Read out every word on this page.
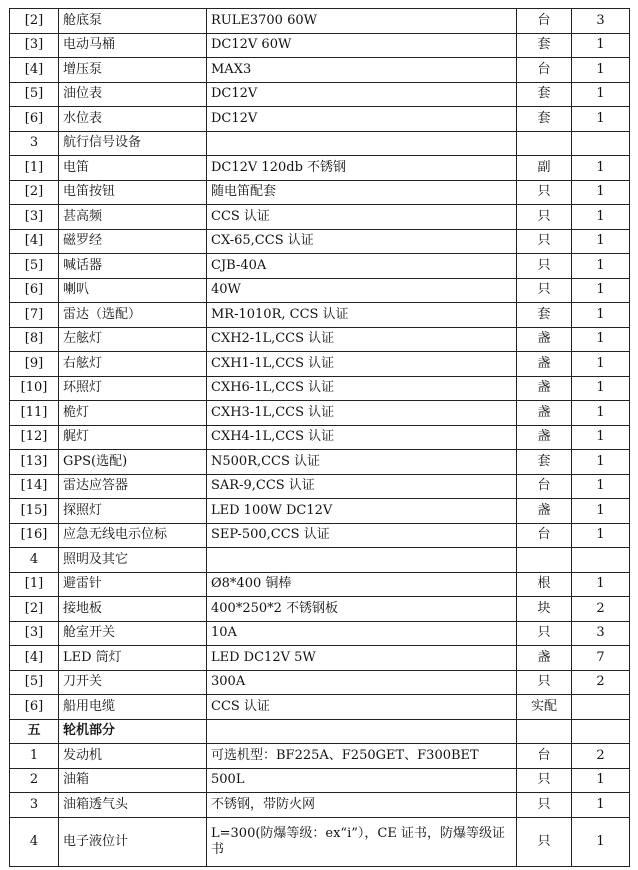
[2]	舱底泵	RULE3700 60W	台	3
[3]	电动马桶	DC12V 60W	套	1
[4]	增压泵	MAX3	台	1
[5]	油位表	DC12V	套	1
[6]	水位表	DC12V	套	1
3	航行信号设备			
[1]	电笛	DC12V 120db 不锈钢	副	1
[2]	电笛按钮	随电笛配套	只	1
[3]	甚高频	CCS 认证	只	1
[4]	磁罗经	CX-65,CCS 认证	只	1
[5]	喊话器	CJB-40A	只	1
[6]	喇叭	40W	只	1
[7]	雷达（选配）	MR-1010R, CCS 认证	套	1
[8]	左舷灯	CXH2-1L,CCS 认证	盏	1
[9]	右舷灯	CXH1-1L,CCS 认证	盏	1
[10]	环照灯	CXH6-1L,CCS 认证	盏	1
[11]	桅灯	CXH3-1L,CCS 认证	盏	1
[12]	艉灯	CXH4-1L,CCS 认证	盏	1
[13]	GPS(选配)	N500R,CCS 认证	套	1
[14]	雷达应答器	SAR-9,CCS 认证	台	1
[15]	探照灯	LED 100W DC12V	盏	1
[16]	应急无线电示位标	SEP-500,CCS 认证	台	1
4	照明及其它			
[1]	避雷针	Ø8*400 铜棒	根	1
[2]	接地板	400*250*2 不锈钢板	块	2
[3]	舱室开关	10A	只	3
[4]	LED 筒灯	LED DC12V 5W	盏	7
[5]	刀开关	300A	只	2
[6]	船用电缆	CCS 认证	实配	
五	轮机部分			
1	发动机	可选机型：BF225A、F250GET、F300BET	台	2
2	油箱	500L	只	1
3	油箱透气头	不锈钢，带防火网	只	1
4	电子液位计	L=300(防爆等级：ex“i”），CE 证书，防爆等级证书	只	1
